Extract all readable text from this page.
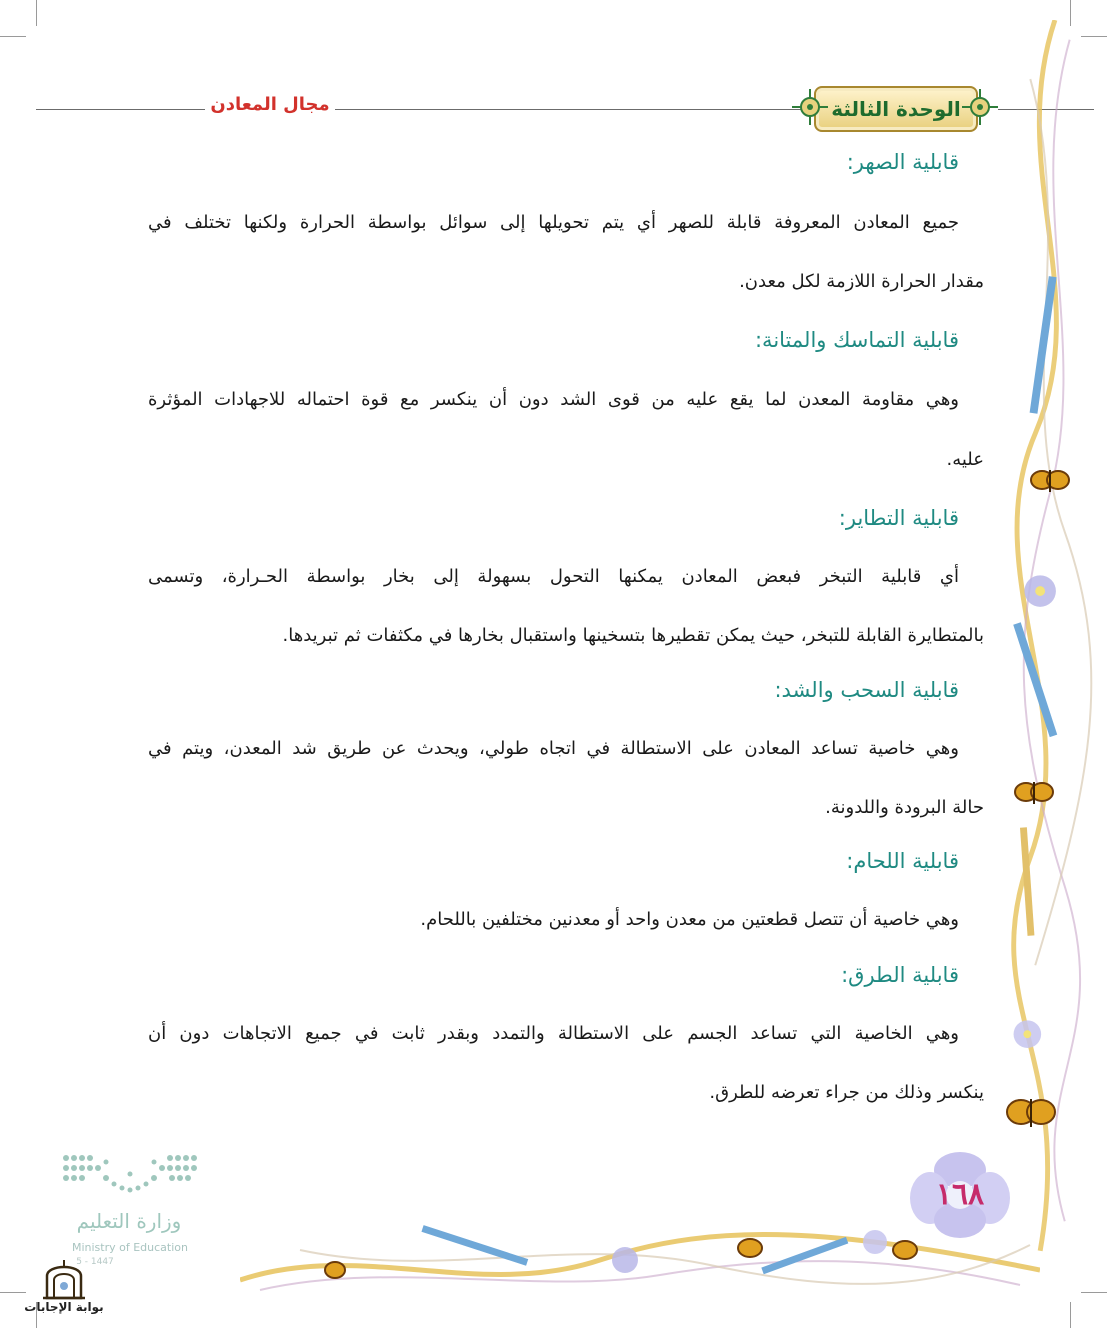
مجال المعادن	الوحدة الثالثة
قابلية الصهر:
جميع المعادن المعروفة قابلة للصهر أي يتم تحويلها إلى سوائل بواسطة الحرارة ولكنها تختلف في
مقدار الحرارة اللازمة لكل معدن.
قابلية التماسك والمتانة:
وهي مقاومة المعدن لما يقع عليه من قوى الشد دون أن ينكسر مع قوة احتماله للاجهادات المؤثرة
عليه.
قابلية التطاير:
أي قابلية التبخر فبعض المعادن يمكنها التحول بسهولة إلى بخار بواسطة الحـرارة، وتسمى
بالمتطايرة القابلة للتبخر، حيث يمكن تقطيرها بتسخينها واستقبال بخارها في مكثفات ثم تبريدها.
قابلية السحب والشد:
وهي خاصية تساعد المعادن على الاستطالة في اتجاه طولي، ويحدث عن طريق شد المعدن، ويتم في
حالة البرودة واللدونة.
قابلية اللحام:
وهي خاصية أن تتصل قطعتين من معدن واحد أو معدنين مختلفين باللحام.
قابلية الطرق:
وهي الخاصية التي تساعد الجسم على الاستطالة والتمدد وبقدر ثابت في جميع الاتجاهات دون أن
ينكسر وذلك من جراء تعرضه للطرق.
١٦٨
وزارة التعليم
Ministry of Education
5 - 1447
بوابة الإجابات
